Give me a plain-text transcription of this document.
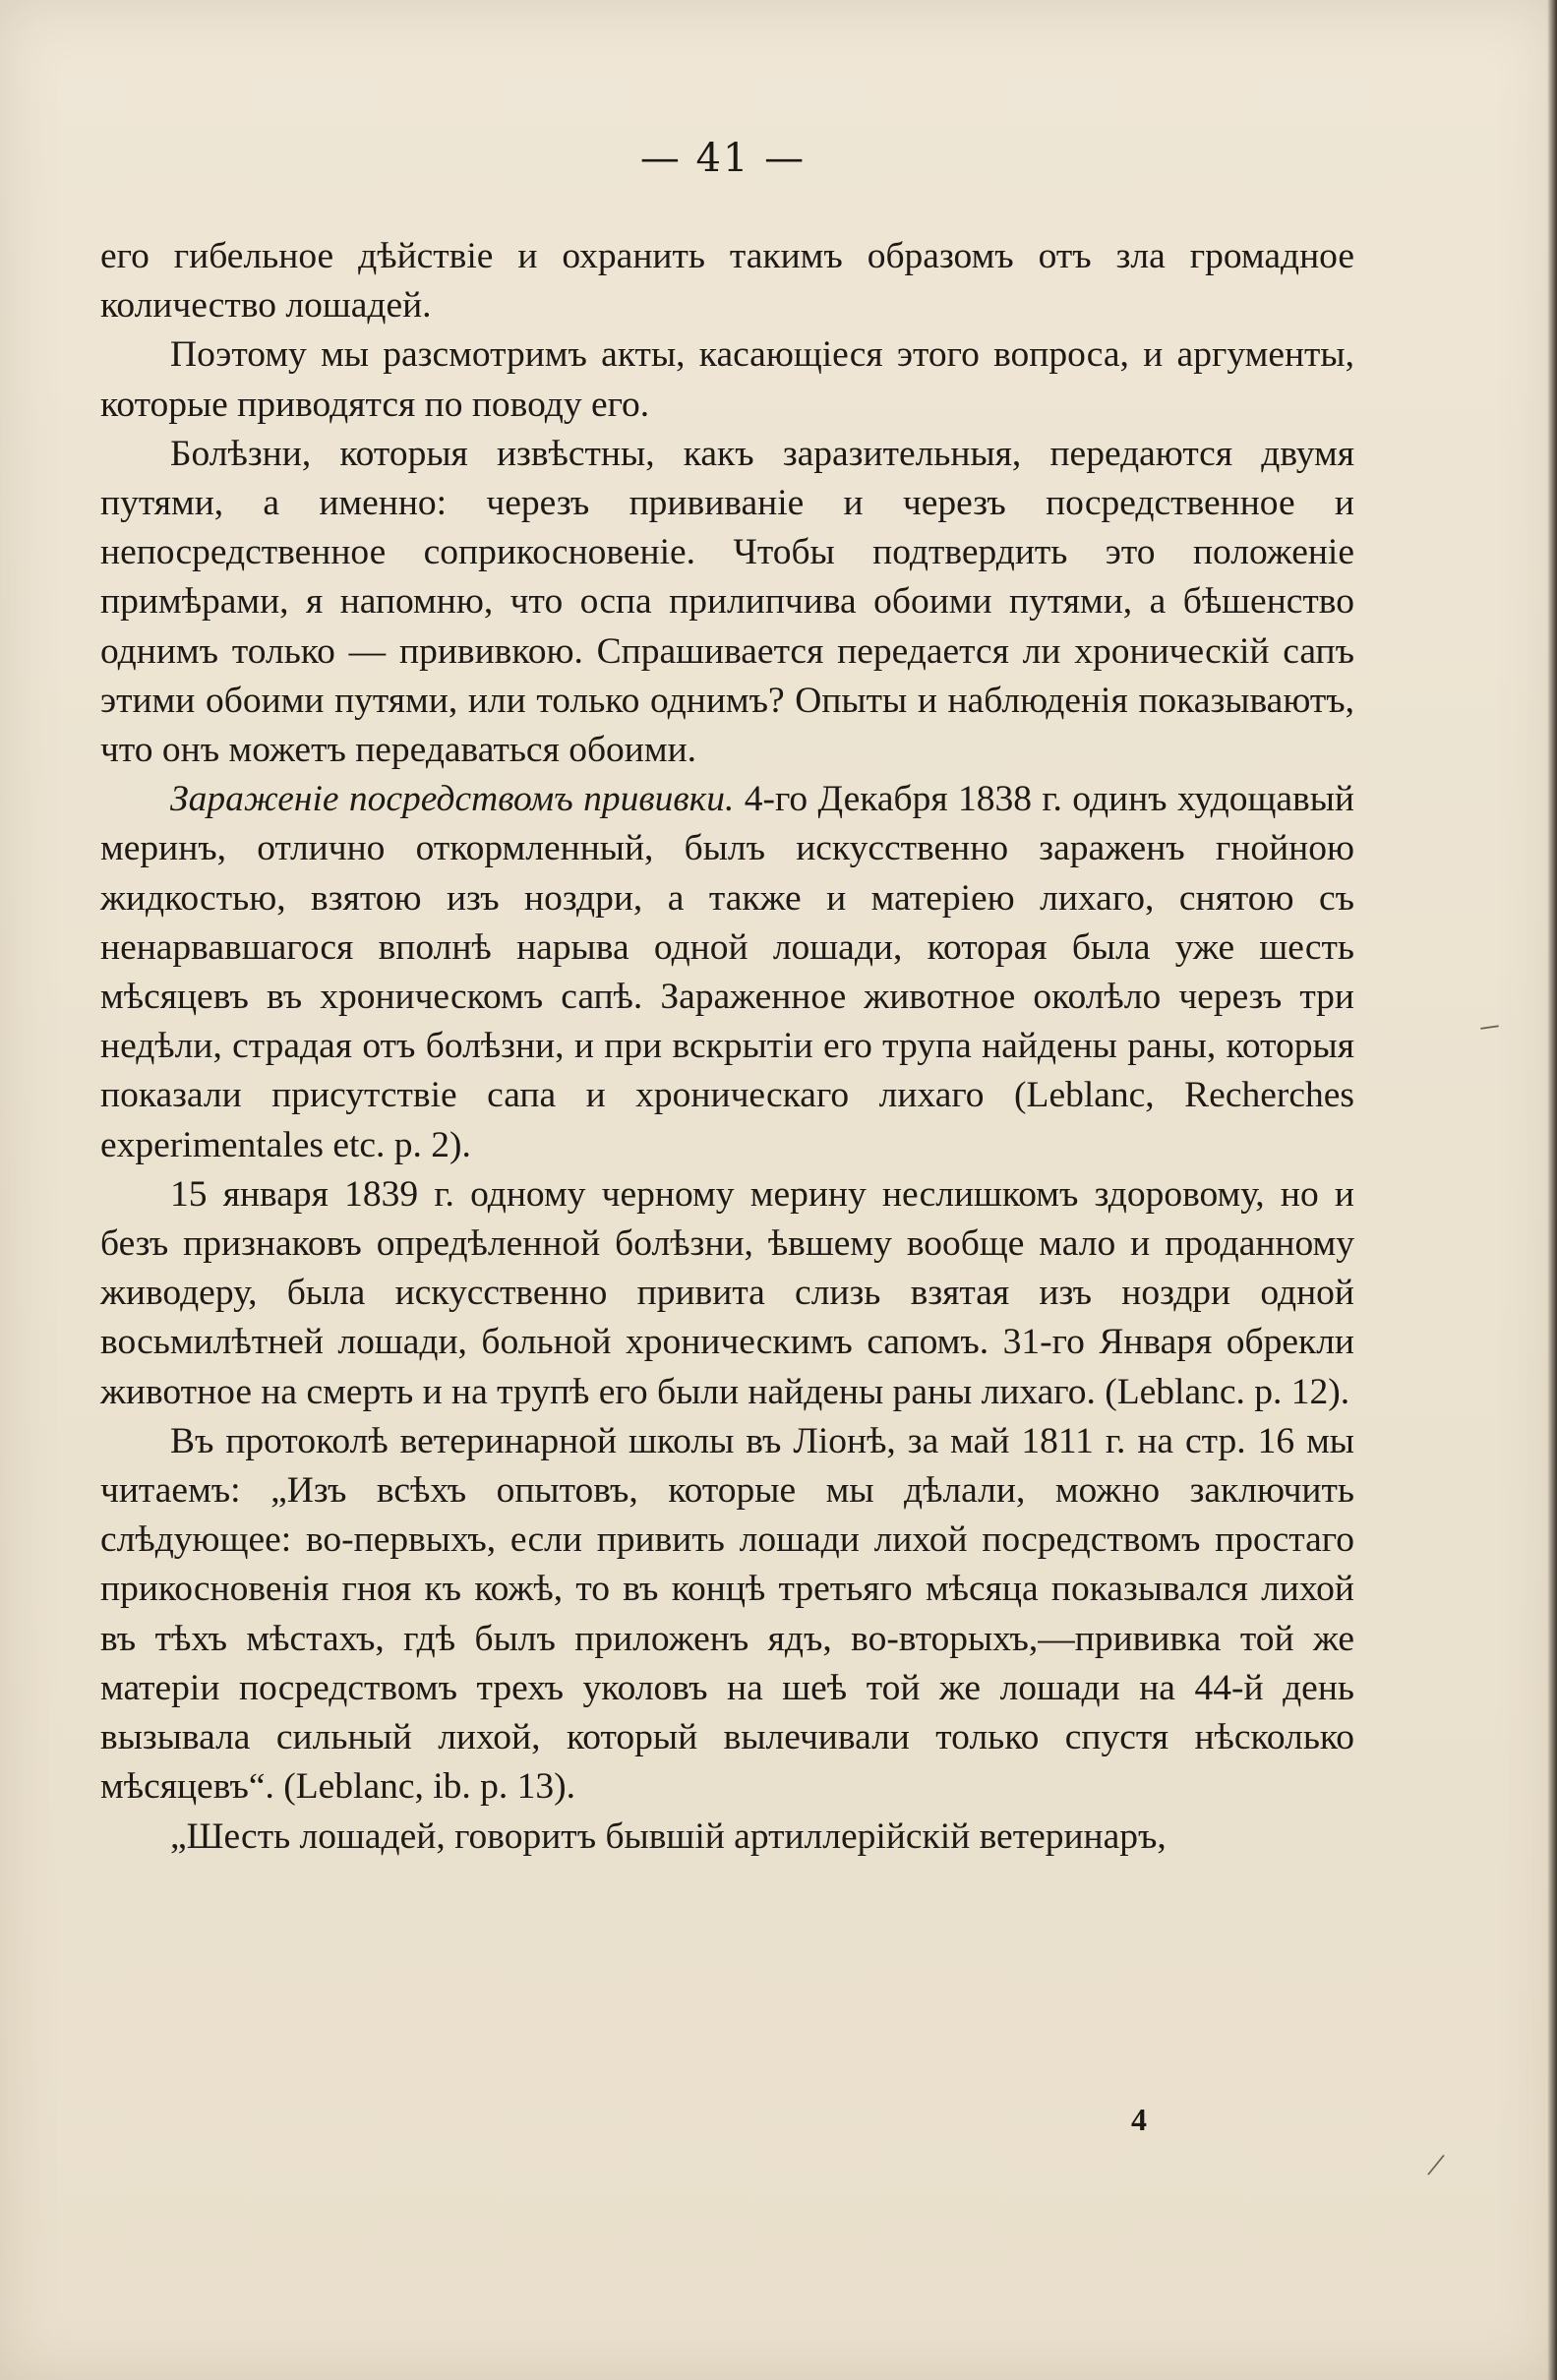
— 41 —

его гибельное дѣйствіе и охранить такимъ образомъ отъ зла громадное количество лошадей.

Поэтому мы разсмотримъ акты, касающіеся этого вопроса, и аргументы, которые приводятся по поводу его.

Болѣзни, которыя извѣстны, какъ заразительныя, передаются двумя путями, а именно: черезъ прививаніе и черезъ посредственное и непосредственное соприкосновеніе. Чтобы подтвердить это положеніе примѣрами, я напомню, что оспа прилипчива обоими путями, а бѣшенство однимъ только — прививкою. Спрашивается передается ли хроническій сапъ этими обоими путями, или только однимъ? Опыты и наблюденія показываютъ, что онъ можетъ передаваться обоими.

Зараженіе посредствомъ прививки. 4-го Декабря 1838 г. одинъ худощавый меринъ, отлично откормленный, былъ искусственно зараженъ гнойною жидкостью, взятою изъ ноздри, а также и матеріею лихаго, снятою съ ненарвавшагося вполнѣ нарыва одной лошади, которая была уже шесть мѣсяцевъ въ хроническомъ сапѣ. Зараженное животное околѣло черезъ три недѣли, страдая отъ болѣзни, и при вскрытіи его трупа найдены раны, которыя показали присутствіе сапа и хроническаго лихаго (Leblanc, Recherches experimentales etc. p. 2).

15 января 1839 г. одному черному мерину неслишкомъ здоровому, но и безъ признаковъ опредѣленной болѣзни, ѣвшему вообще мало и проданному живодеру, была искусственно привита слизь взятая изъ ноздри одной восьмилѣтней лошади, больной хроническимъ сапомъ. 31-го Января обрекли животное на смерть и на трупѣ его были найдены раны лихаго. (Leblanc. p. 12).

Въ протоколѣ ветеринарной школы въ Ліонѣ, за май 1811 г. на стр. 16 мы читаемъ: „Изъ всѣхъ опытовъ, которые мы дѣлали, можно заключить слѣдующее: во-первыхъ, если привить лошади лихой посредствомъ простаго прикосновенія гноя къ кожѣ, то въ концѣ третьяго мѣсяца показывался лихой въ тѣхъ мѣстахъ, гдѣ былъ приложенъ ядъ, во-вторыхъ,—прививка той же матеріи посредствомъ трехъ уколовъ на шеѣ той же лошади на 44-й день вызывала сильный лихой, который вылечивали только спустя нѣсколько мѣсяцевъ“. (Leblanc, ib. p. 13).

„Шесть лошадей, говоритъ бывшій артиллерійскій ветеринаръ,

4
–
/
